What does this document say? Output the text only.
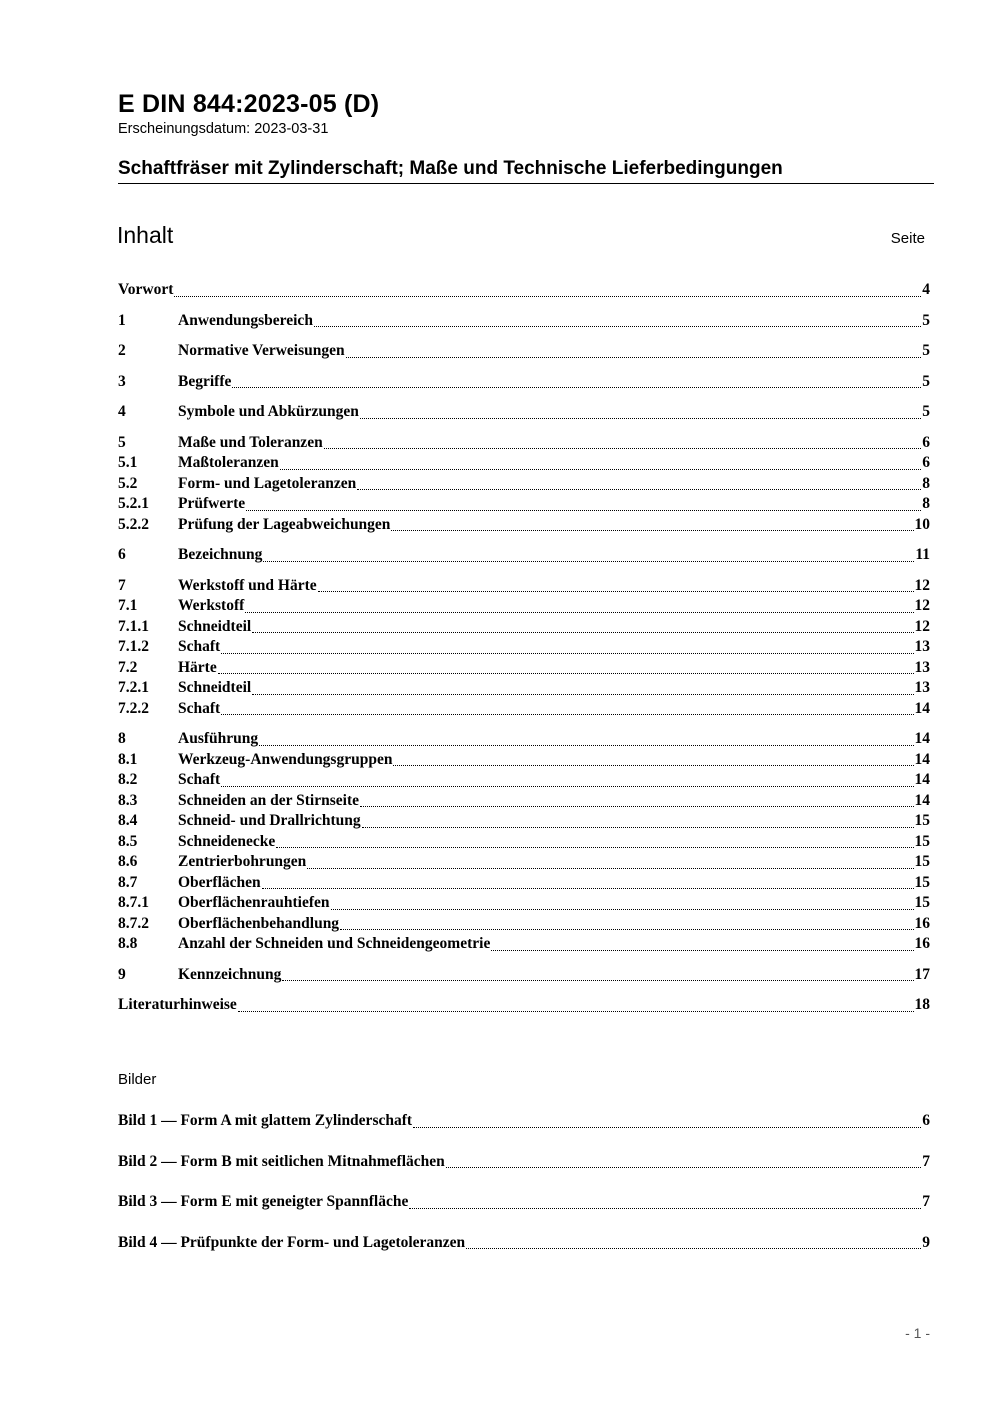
E DIN 844:2023-05 (D)
Erscheinungsdatum: 2023-03-31
Schaftfräser mit Zylinderschaft; Maße und Technische Lieferbedingungen
Inhalt	Seite
Vorwort	4
1	Anwendungsbereich	5
2	Normative Verweisungen	5
3	Begriffe	5
4	Symbole und Abkürzungen	5
5	Maße und Toleranzen	6
5.1	Maßtoleranzen	6
5.2	Form- und Lagetoleranzen	8
5.2.1	Prüfwerte	8
5.2.2	Prüfung der Lageabweichungen	10
6	Bezeichnung	11
7	Werkstoff und Härte	12
7.1	Werkstoff	12
7.1.1	Schneidteil	12
7.1.2	Schaft	13
7.2	Härte	13
7.2.1	Schneidteil	13
7.2.2	Schaft	14
8	Ausführung	14
8.1	Werkzeug-Anwendungsgruppen	14
8.2	Schaft	14
8.3	Schneiden an der Stirnseite	14
8.4	Schneid- und Drallrichtung	15
8.5	Schneidenecke	15
8.6	Zentrierbohrungen	15
8.7	Oberflächen	15
8.7.1	Oberflächenrauhtiefen	15
8.7.2	Oberflächenbehandlung	16
8.8	Anzahl der Schneiden und Schneidengeometrie	16
9	Kennzeichnung	17
Literaturhinweise	18
Bilder
Bild 1 — Form A mit glattem Zylinderschaft	6
Bild 2 — Form B mit seitlichen Mitnahmeflächen	7
Bild 3 — Form E mit geneigter Spannfläche	7
Bild 4 — Prüfpunkte der Form- und Lagetoleranzen	9
- 1 -
